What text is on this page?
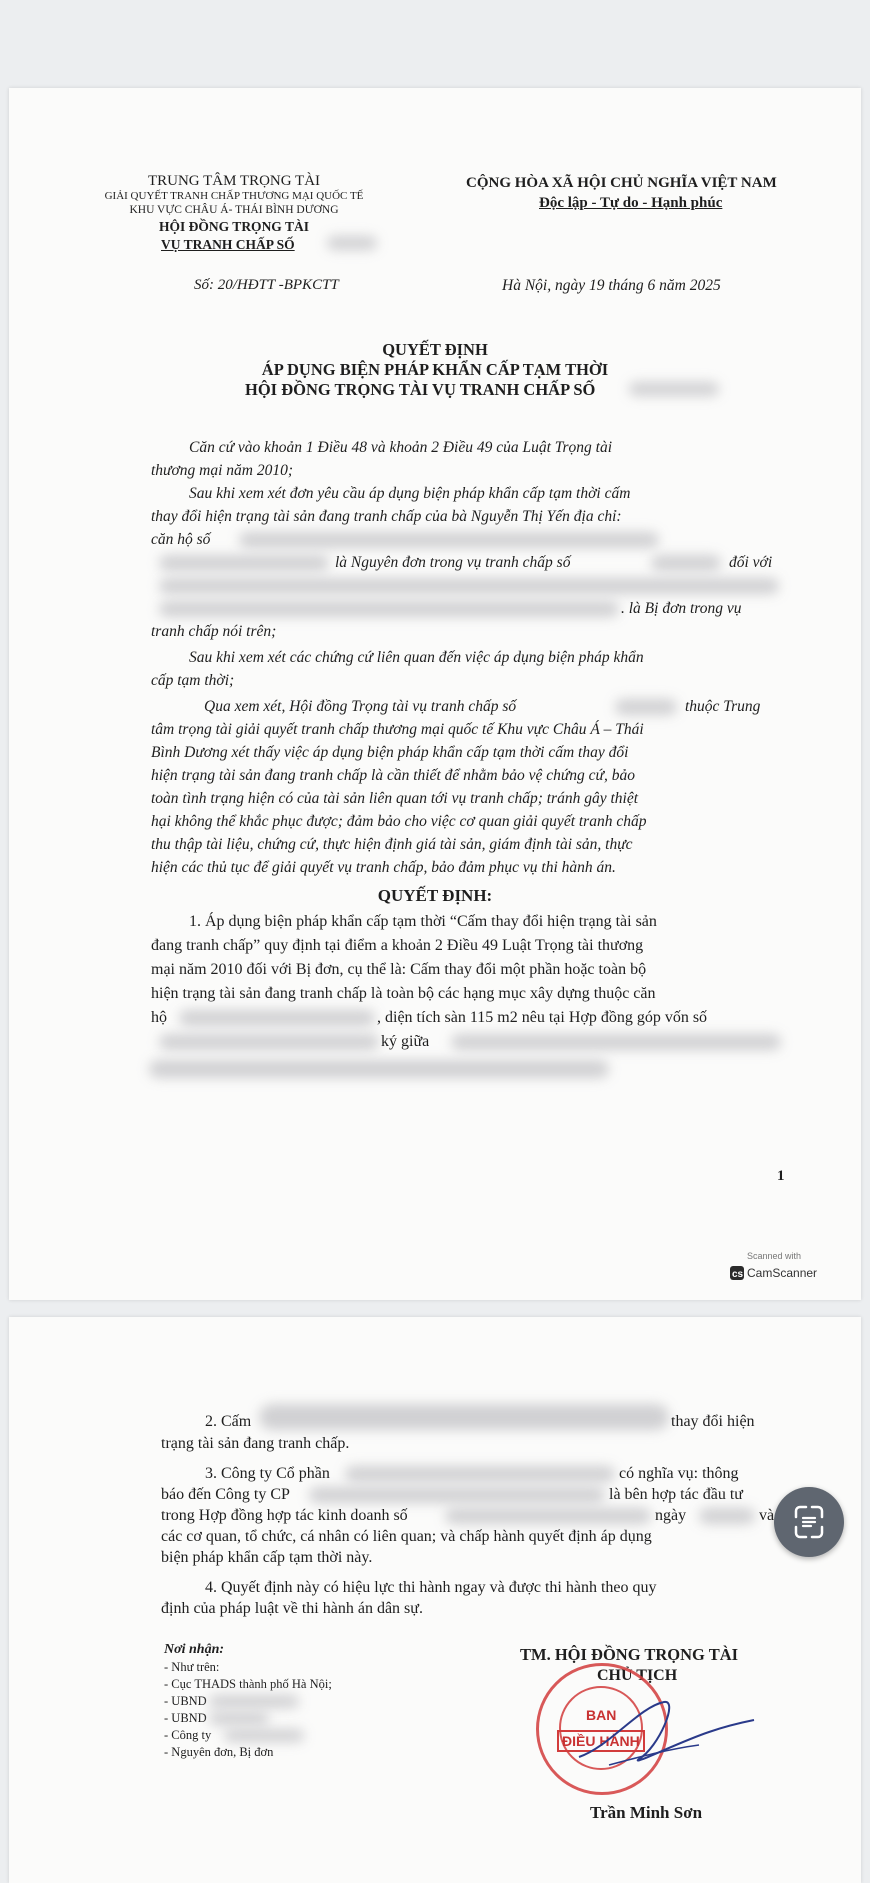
TRUNG TÂM TRỌNG TÀI
GIẢI QUYẾT TRANH CHẤP THƯƠNG MẠI QUỐC TẾ
KHU VỰC CHÂU Á- THÁI BÌNH DƯƠNG
HỘI ĐỒNG TRỌNG TÀI
VỤ TRANH CHẤP SỐ
Số: 20/HĐTT -BPKCTT
CỘNG HÒA XÃ HỘI CHỦ NGHĨA VIỆT NAM
Độc lập - Tự do - Hạnh phúc
Hà Nội, ngày 19 tháng 6 năm 2025
QUYẾT ĐỊNH
ÁP DỤNG BIỆN PHÁP KHẨN CẤP TẠM THỜI
HỘI ĐỒNG TRỌNG TÀI VỤ TRANH CHẤP SỐ
Căn cứ vào khoản 1 Điều 48 và khoản 2 Điều 49 của Luật Trọng tài
thương mại năm 2010;
Sau khi xem xét đơn yêu cầu áp dụng biện pháp khẩn cấp tạm thời cấm
thay đổi hiện trạng tài sản đang tranh chấp của bà Nguyễn Thị Yến địa chỉ:
căn hộ số
là Nguyên đơn trong vụ tranh chấp số	đối với
. là Bị đơn trong vụ
tranh chấp nói trên;
Sau khi xem xét các chứng cứ liên quan đến việc áp dụng biện pháp khẩn
cấp tạm thời;
Qua xem xét, Hội đồng Trọng tài vụ tranh chấp số	thuộc Trung
tâm trọng tài giải quyết tranh chấp thương mại quốc tế Khu vực Châu Á – Thái
Bình Dương xét thấy việc áp dụng biện pháp khẩn cấp tạm thời cấm thay đổi
hiện trạng tài sản đang tranh chấp là cần thiết để nhằm bảo vệ chứng cứ, bảo
toàn tình trạng hiện có của tài sản liên quan tới vụ tranh chấp; tránh gây thiệt
hại không thể khắc phục được; đảm bảo cho việc cơ quan giải quyết tranh chấp
thu thập tài liệu, chứng cứ, thực hiện định giá tài sản, giám định tài sản, thực
hiện các thủ tục để giải quyết vụ tranh chấp, bảo đảm phục vụ thi hành án.
QUYẾT ĐỊNH:
1. Áp dụng biện pháp khẩn cấp tạm thời “Cấm thay đổi hiện trạng tài sản
đang tranh chấp” quy định tại điểm a khoản 2 Điều 49 Luật Trọng tài thương
mại năm 2010 đối với Bị đơn, cụ thể là: Cấm thay đổi một phần hoặc toàn bộ
hiện trạng tài sản đang tranh chấp là toàn bộ các hạng mục xây dựng thuộc căn
hộ	, diện tích sàn 115 m2 nêu tại Hợp đồng góp vốn số
ký giữa
1
Scanned with
cs CamScanner
2. Cấm	thay đổi hiện
trạng tài sản đang tranh chấp.
3. Công ty Cổ phần	có nghĩa vụ: thông
báo đến Công ty CP	là bên hợp tác đầu tư
trong Hợp đồng hợp tác kinh doanh số	ngày	và
các cơ quan, tổ chức, cá nhân có liên quan; và chấp hành quyết định áp dụng
biện pháp khẩn cấp tạm thời này.
4. Quyết định này có hiệu lực thi hành ngay và được thi hành theo quy
định của pháp luật về thi hành án dân sự.
Nơi nhận:
- Như trên:
- Cục THADS thành phố Hà Nội;
- UBND
- UBND
- Công ty
- Nguyên đơn, Bị đơn
TM. HỘI ĐỒNG TRỌNG TÀI
CHỦ TỊCH
BAN
ĐIỀU HÀNH
Trần Minh Sơn
